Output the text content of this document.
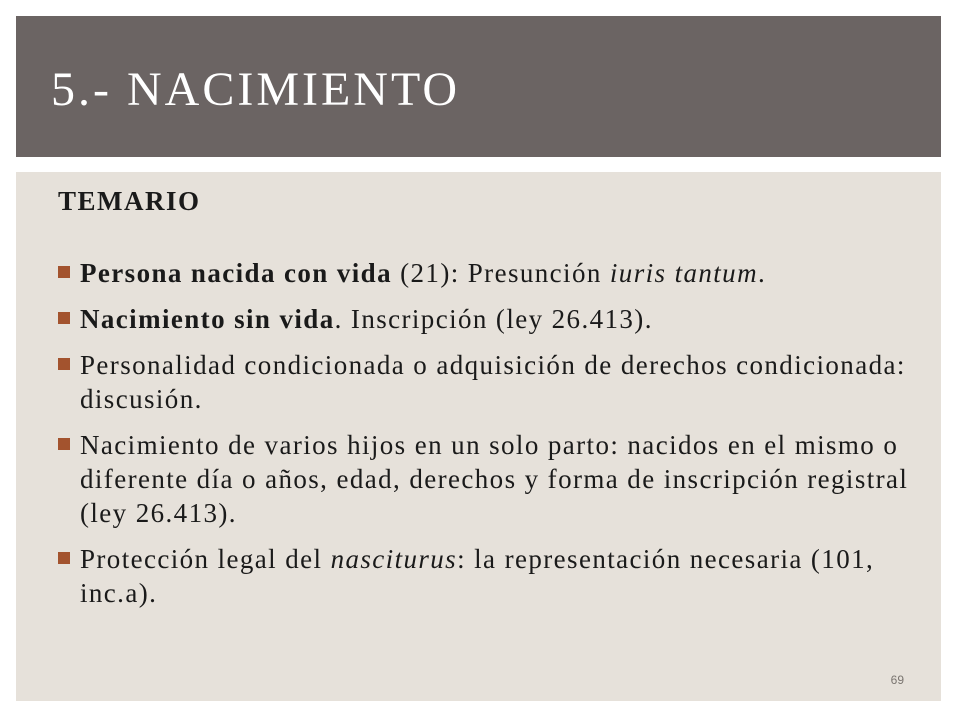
5.- NACIMIENTO
TEMARIO
Persona nacida con vida (21): Presunción iuris tantum.
Nacimiento sin vida. Inscripción (ley 26.413).
Personalidad condicionada o adquisición de derechos condicionada: discusión.
Nacimiento de varios hijos en un solo parto: nacidos en el mismo o diferente día o años, edad, derechos y forma de inscripción registral (ley 26.413).
Protección legal del nasciturus: la representación necesaria (101, inc.a).
69
